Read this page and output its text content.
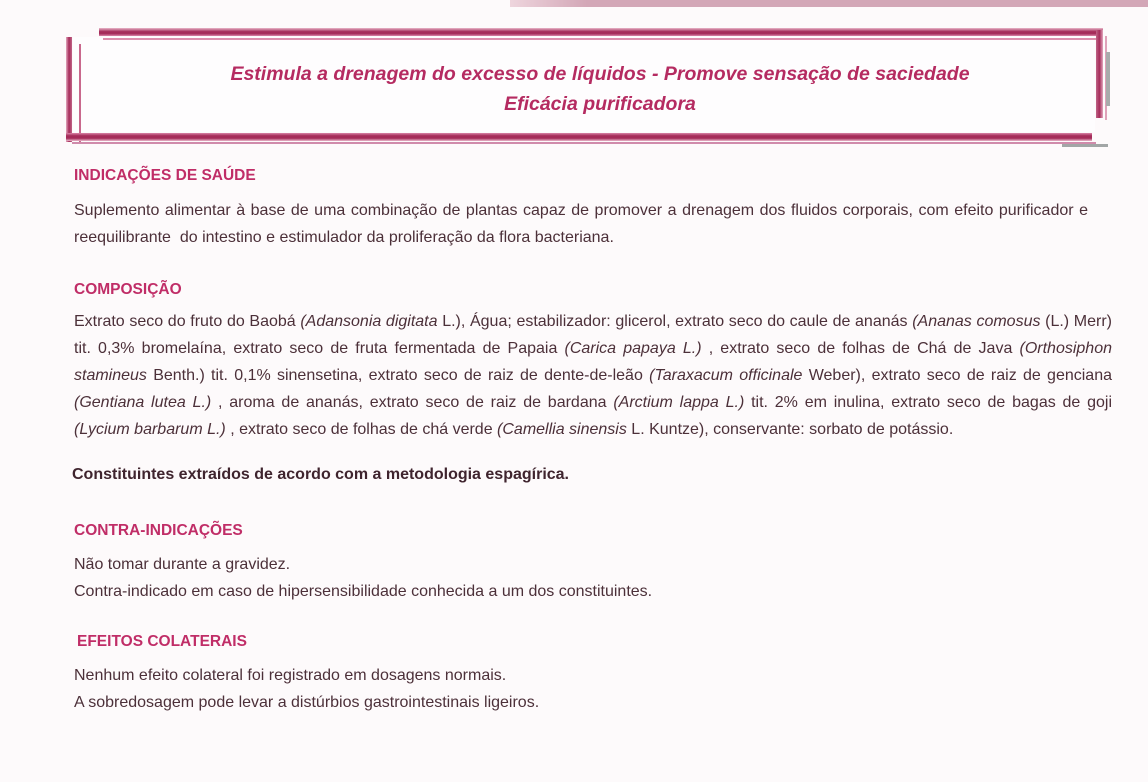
Estimula a drenagem do excesso de líquidos - Promove sensação de saciedade
Eficácia purificadora
INDICAÇÕES DE SAÚDE

Suplemento alimentar à base de uma combinação de plantas capaz de promover a drenagem dos fluidos corporais, com efeito purificador e reequilibrante  do intestino e estimulador da proliferação da flora bacteriana.

COMPOSIÇÃO

Extrato seco do fruto do Baobá (Adansonia digitata L.), Água; estabilizador: glicerol, extrato seco do caule de ananás (Ananas comosus (L.) Merr) tit. 0,3% bromelaína, extrato seco de fruta fermentada de Papaia (Carica papaya L.) , extrato seco de folhas de Chá de Java (Orthosiphon stamineus Benth.) tit. 0,1% sinensetina, extrato seco de raiz de dente-de-leão (Taraxacum officinale Weber), extrato seco de raiz de genciana (Gentiana lutea L.) , aroma de ananás, extrato seco de raiz de bardana (Arctium lappa L.) tit. 2% em inulina, extrato seco de bagas de goji (Lycium barbarum L.) , extrato seco de folhas de chá verde (Camellia sinensis L. Kuntze), conservante: sorbato de potássio.

Constituintes extraídos de acordo com a metodologia espagírica.

CONTRA-INDICAÇÕES
Não tomar durante a gravidez.
Contra-indicado em caso de hipersensibilidade conhecida a um dos constituintes.
EFEITOS COLATERAIS
Nenhum efeito colateral foi registrado em dosagens normais.
A sobredosagem pode levar a distúrbios gastrointestinais ligeiros.
